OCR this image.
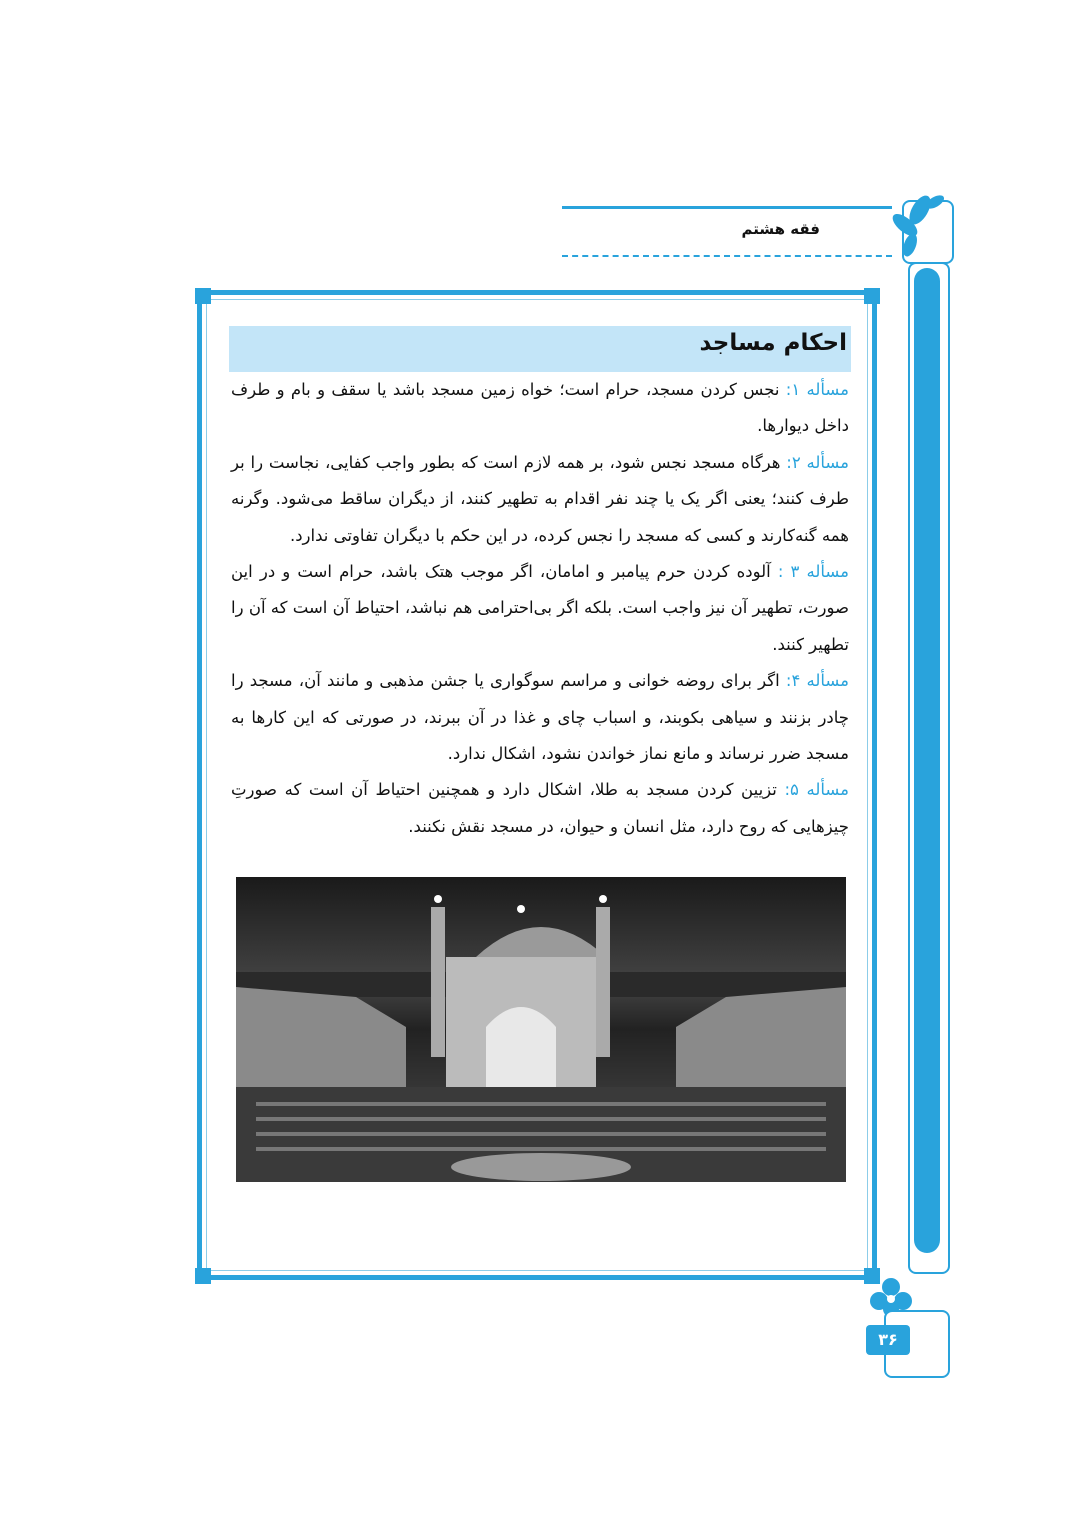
فقه هشتم
احکام مساجد

مسأله ۱: نجس کردن مسجد، حرام است؛ خواه زمین مسجد باشد یا سقف و بام و طرف داخل دیوارها.

مسأله ۲: هرگاه مسجد نجس شود، بر همه لازم است که بطور واجب کفایی، نجاست را بر طرف کنند؛ یعنی اگر یک یا چند نفر اقدام به تطهیر کنند، از دیگران ساقط می‌شود. وگرنه همه گنه‌کارند و کسی که مسجد را نجس کرده، در این حکم با دیگران تفاوتی ندارد.

مسأله ۳ : آلوده کردن حرم پیامبر و امامان، اگر موجب هتک باشد، حرام است و در این صورت، تطهیر آن نیز واجب است. بلکه اگر بی‌احترامی هم نباشد، احتیاط آن است که آن را تطهیر کنند.

مسأله ۴: اگر برای روضه خوانی و مراسم سوگواری یا جشن مذهبی و مانند آن، مسجد را چادر بزنند و سیاهی بکوبند، و اسباب چای و غذا در آن ببرند، در صورتی که این کارها به مسجد ضرر نرساند و مانع نماز خواندن نشود، اشکال ندارد.

مسأله ۵: تزیین کردن مسجد به طلا، اشکال دارد و همچنین احتیاط آن است که صورتِ چیزهایی که روح دارد، مثل انسان و حیوان، در مسجد نقش نکنند.

۳۶
